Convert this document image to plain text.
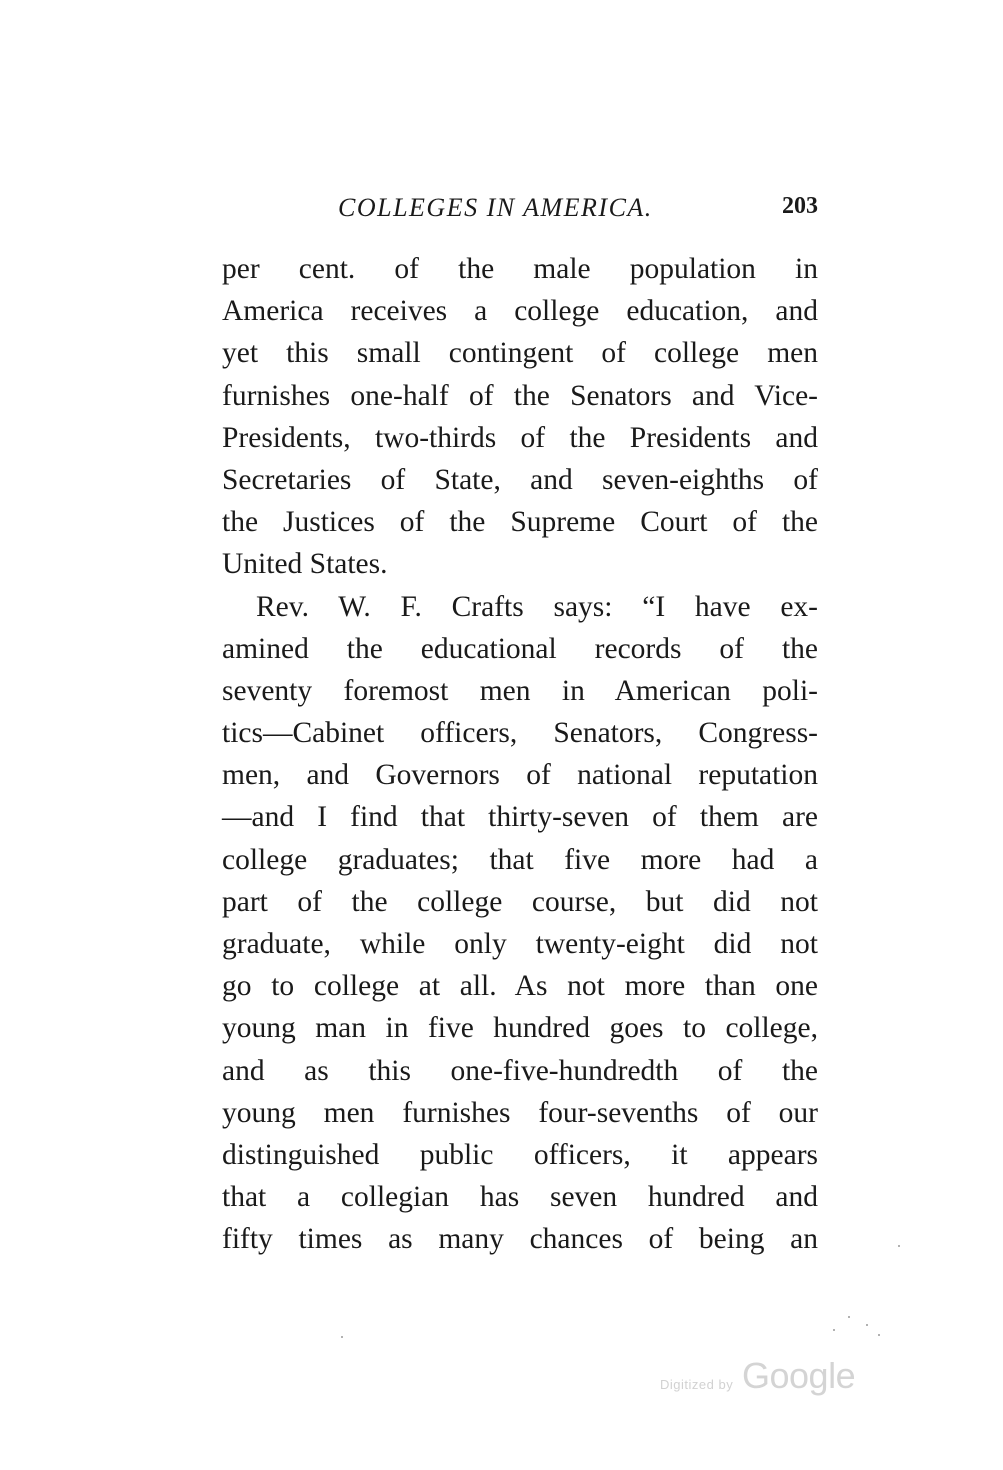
COLLEGES IN AMERICA.	203
per cent. of the male population in
America receives a college education, and
yet this small contingent of college men
furnishes one-half of the Senators and Vice-
Presidents, two-thirds of the Presidents and
Secretaries of State, and seven-eighths of
the Justices of the Supreme Court of the
United States.
Rev. W. F. Crafts says: “I have ex-
amined the educational records of the
seventy foremost men in American poli-
tics—Cabinet officers, Senators, Congress-
men, and Governors of national reputation
—and I find that thirty-seven of them are
college graduates; that five more had a
part of the college course, but did not
graduate, while only twenty-eight did not
go to college at all. As not more than one
young man in five hundred goes to college,
and as this one-five-hundredth of the
young men furnishes four-sevenths of our
distinguished public officers, it appears
that a collegian has seven hundred and
fifty times as many chances of being an
Digitized by Google
